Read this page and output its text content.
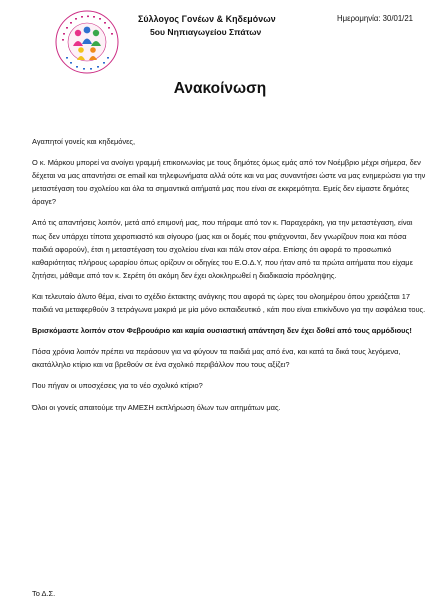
Σύλλογος Γονέων & Κηδεμόνων
5ου Νηπιαγωγείου Σπάτων
Ημερομηνία: 30/01/21
Ανακοίνωση

Αγαπητοί γονείς και κηδεμόνες,

Ο κ. Μάρκου μπορεί να ανοίγει γραμμή επικοινωνίας με τους δημότες όμως εμάς από τον Νοέμβριο μέχρι σήμερα, δεν δέχεται να μας απαντήσει σε email και τηλεφωνήματα αλλά ούτε και να μας συναντήσει ώστε να μας ενημερώσει για την μεταστέγαση του σχολείου και όλα τα σημαντικά αιτήματά μας που είναι σε εκκρεμότητα. Εμείς δεν είμαστε δημότες άραγε?

Από τις απαντήσεις λοιπόν, μετά από επιμονή μας, που πήραμε από τον κ. Παραχεράκη, για την μεταστέγαση, είναι πως δεν υπάρχει τίποτα χειροπιαστό και σίγουρο (μας και οι δομές που φτιάχνονται, δεν γνωρίζουν ποια και πόσα παιδιά αφορούν), έτσι η μεταστέγαση του σχολείου είναι και πάλι στον αέρα. Επίσης ότι αφορά το προσωπικό καθαριότητας πλήρους ωραρίου όπως ορίζουν οι οδηγίες του Ε.Ο.Δ.Υ, που ήταν από τα πρώτα αιτήματα που είχαμε ζητήσει, μάθαμε από τον κ. Σερέτη ότι ακόμη δεν έχει ολοκληρωθεί η διαδικασία πρόσληψης.

Και τελευταίο άλυτο θέμα, είναι το σχέδιο έκτακτης ανάγκης που αφορά τις ώρες του ολοημέρου όπου χρειάζεται 17 παιδιά να μεταφερθούν 3 τετράγωνα μακριά με μία μόνο εκπαιδευτικό , κάτι που είναι επικίνδυνο για την ασφάλεια τους.

Βρισκόμαστε λοιπόν στον Φεβρουάριο και καμία ουσιαστική απάντηση δεν έχει δοθεί από τους αρμόδιους!

Πόσα χρόνια λοιπόν πρέπει να περάσουν για να φύγουν τα παιδιά μας από ένα, και κατά τα δικά τους λεγόμενα, ακατάλληλο κτίριο και να βρεθούν σε ένα σχολικό περιβάλλον που τους αξίζει?

Που πήγαν οι υποσχέσεις για το νέο σχολικό κτίριο?

Όλοι οι γονείς απαιτούμε την ΑΜΕΣΗ εκπλήρωση όλων των αιτημάτων μας.

Το Δ.Σ.
